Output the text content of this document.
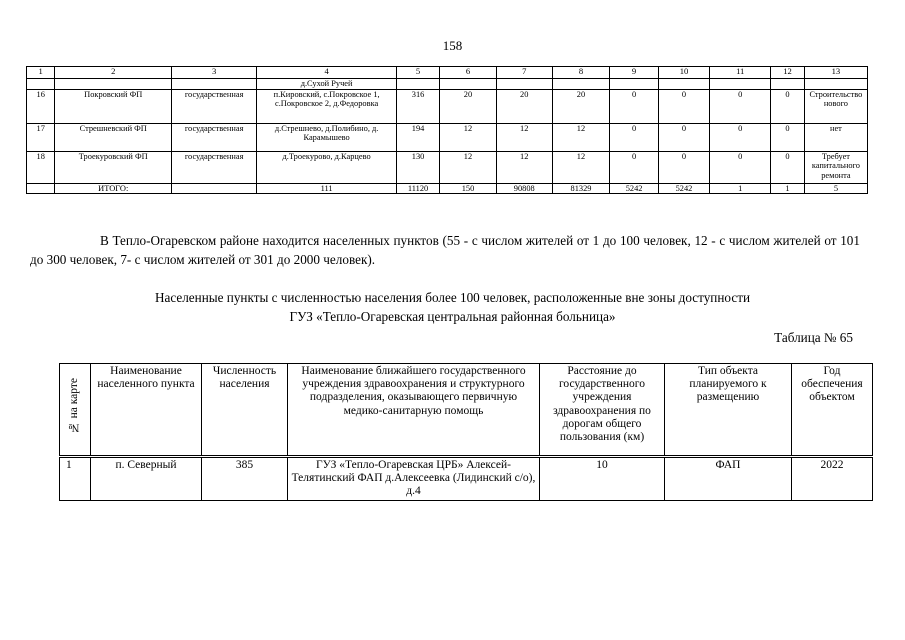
158
1	2	3	4	5	6	7	8	9	10	11	12	13
			д.Сухой Ручей									
16	Покровский ФП	государственная	п.Кировский, с.Покровское 1, с.Покровское 2, д.Федоровка	316	20	20	20	0	0	0	0	Строительство нового
17	Стрешневский ФП	государственная	д.Стрешнево, д.Полибино, д. Карамышево	194	12	12	12	0	0	0	0	нет
18	Троекуровский ФП	государственная	д.Троекурово, д.Карцево	130	12	12	12	0	0	0	0	Требует капитального ремонта
	ИТОГО:		111	11120	150	90808	81329	5242	5242	1	1	5
В Тепло-Огаревском районе находится населенных пунктов (55 - с числом жителей от 1 до 100 человек, 12 - с числом жителей от 101 до 300 человек, 7- с числом жителей от 301 до 2000 человек).
Населенные пункты с численностью населения более 100 человек, расположенные вне зоны доступности
ГУЗ «Тепло-Огаревская центральная районная больница»
Таблица № 65
№ на карте	Наименование населенного пункта	Численность населения	Наименование ближайшего государственного учреждения здравоохранения и структурного подразделения, оказывающего первичную медико-санитарную помощь	Расстояние до государственного учреждения здравоохранения по дорогам общего пользования (км)	Тип объекта планируемого к размещению	Год обеспечения объектом
1	п. Северный	385	ГУЗ «Тепло-Огаревская ЦРБ» Алексей-Телятинский ФАП д.Алексеевка (Лидинский с/о), д.4	10	ФАП	2022
